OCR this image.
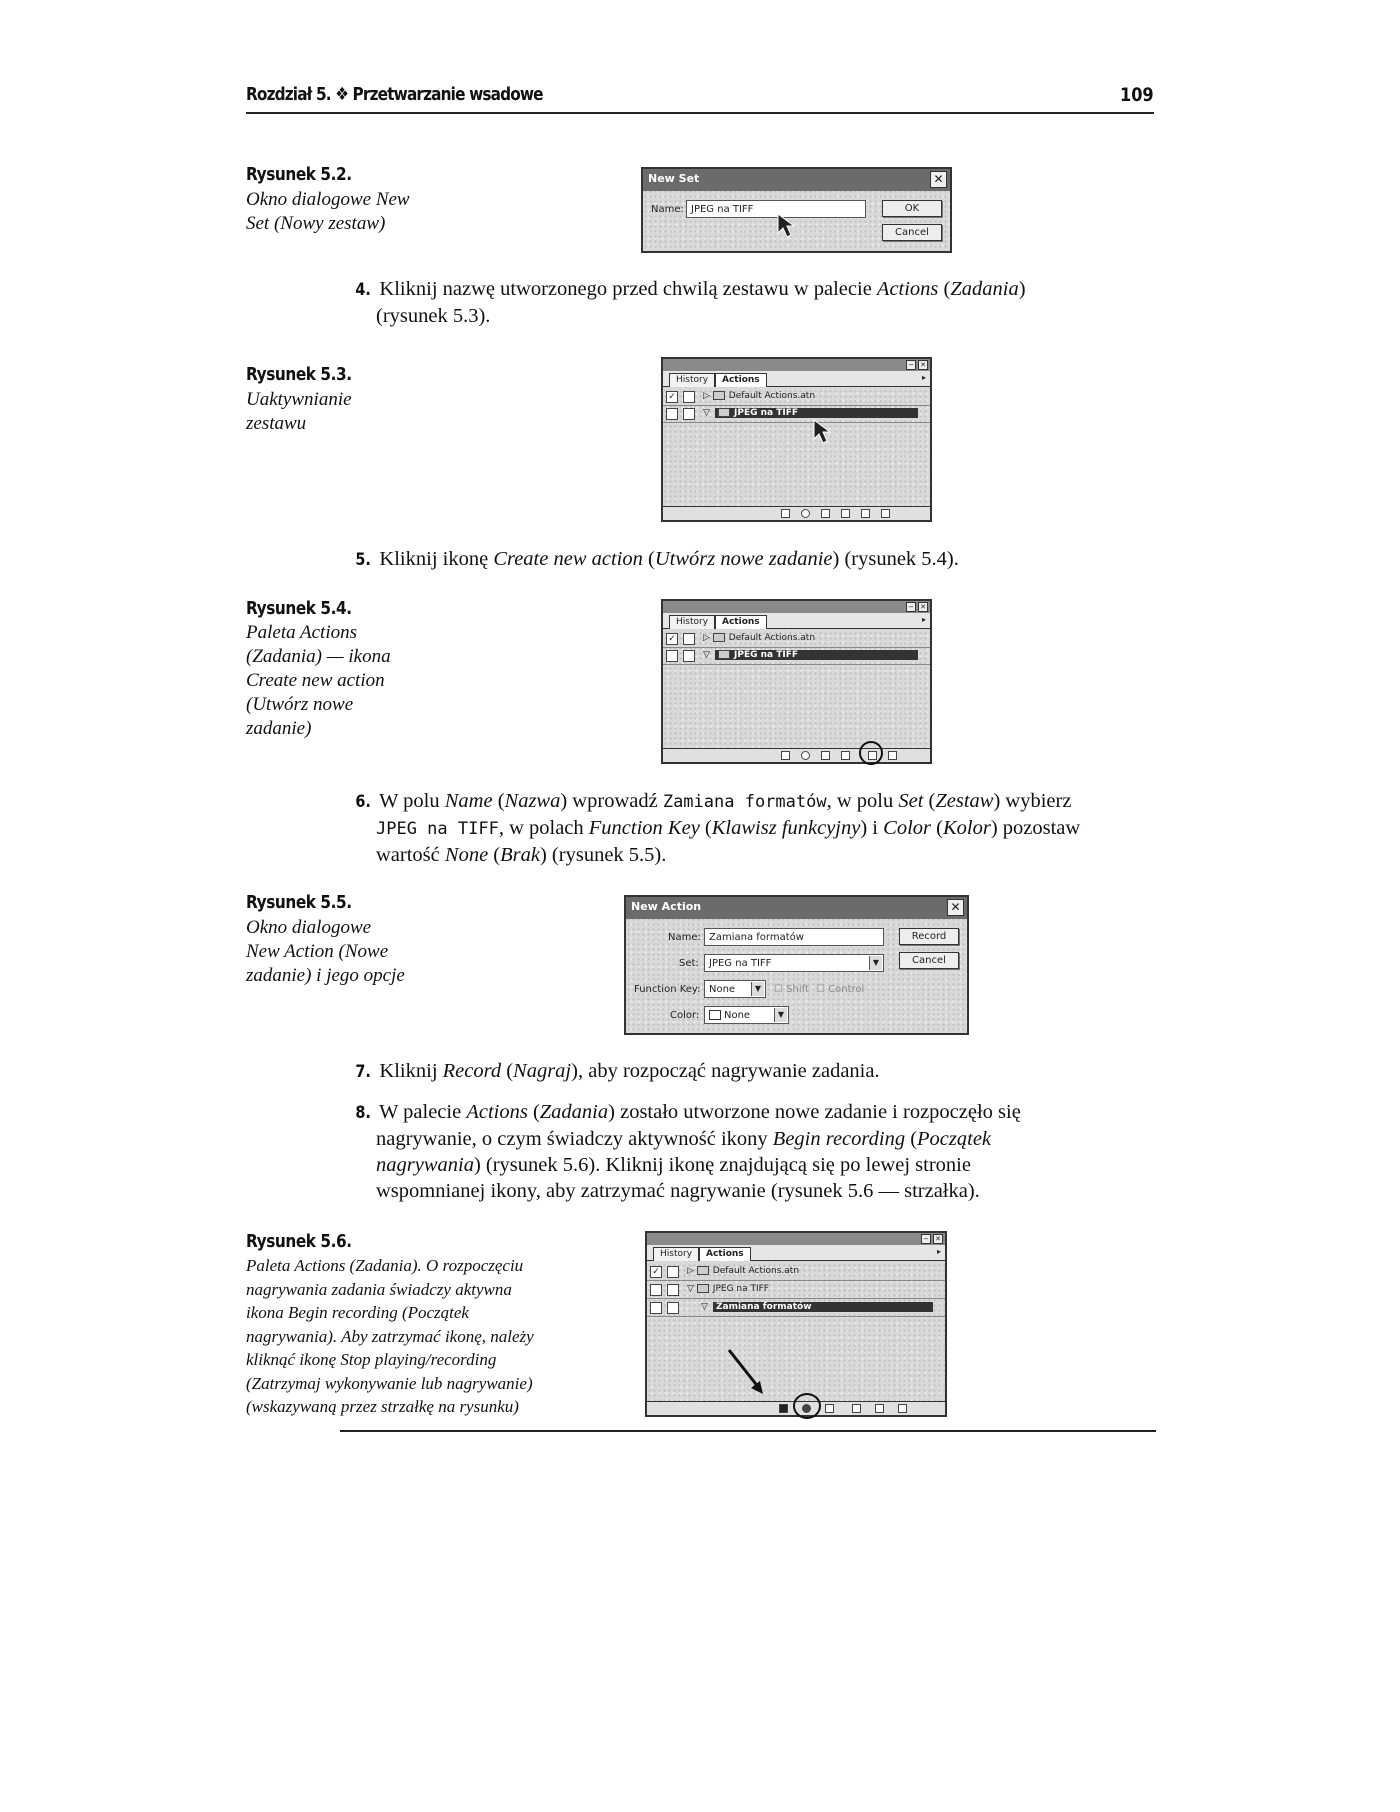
Rozdział 5. ❖ Przetwarzanie wsadowe	109
Rysunek 5.2.
Okno dialogowe New
Set (Nowy zestaw)
New Set	✕
Name: JPEG na TIFF	OK
Cancel
4. Kliknij nazwę utworzonego przed chwilą zestawu w palecie Actions (Zadania)
(rysunek 5.3).
Rysunek 5.3.
Uaktywnianie
zestawu
− ✕
History	Actions	▸
✓	▷ Default Actions.atn
▽	JPEG na TIFF
5. Kliknij ikonę Create new action (Utwórz nowe zadanie) (rysunek 5.4).
Rysunek 5.4.
Paleta Actions
(Zadania) — ikona
Create new action
(Utwórz nowe
zadanie)
− ✕
History	Actions	▸
✓	▷ Default Actions.atn
▽	JPEG na TIFF
6. W polu Name (Nazwa) wprowadź Zamiana formatów, w polu Set (Zestaw) wybierz
JPEG na TIFF, w polach Function Key (Klawisz funkcyjny) i Color (Kolor) pozostaw
wartość None (Brak) (rysunek 5.5).
Rysunek 5.5.
Okno dialogowe
New Action (Nowe
zadanie) i jego opcje
New Action	✕
Name: Zamiana formatów
Set:	JPEG na TIFF	▼
Function Key: None	▼ ☐ Shift ☐ Control
Color:	None	▼
Record
Cancel
7. Kliknij Record (Nagraj), aby rozpocząć nagrywanie zadania.
8. W palecie Actions (Zadania) zostało utworzone nowe zadanie i rozpoczęło się
nagrywanie, o czym świadczy aktywność ikony Begin recording (Początek
nagrywania) (rysunek 5.6). Kliknij ikonę znajdującą się po lewej stronie
wspomnianej ikony, aby zatrzymać nagrywanie (rysunek 5.6 — strzałka).
Rysunek 5.6.
Paleta Actions (Zadania). O rozpoczęciu
nagrywania zadania świadczy aktywna
ikona Begin recording (Początek
nagrywania). Aby zatrzymać ikonę, należy
kliknąć ikonę Stop playing/recording
(Zatrzymaj wykonywanie lub nagrywanie)
(wskazywaną przez strzałkę na rysunku)
− ✕
History	Actions	▸
✓	▷ Default Actions.atn
▽ JPEG na TIFF
▽ Zamiana formatów
